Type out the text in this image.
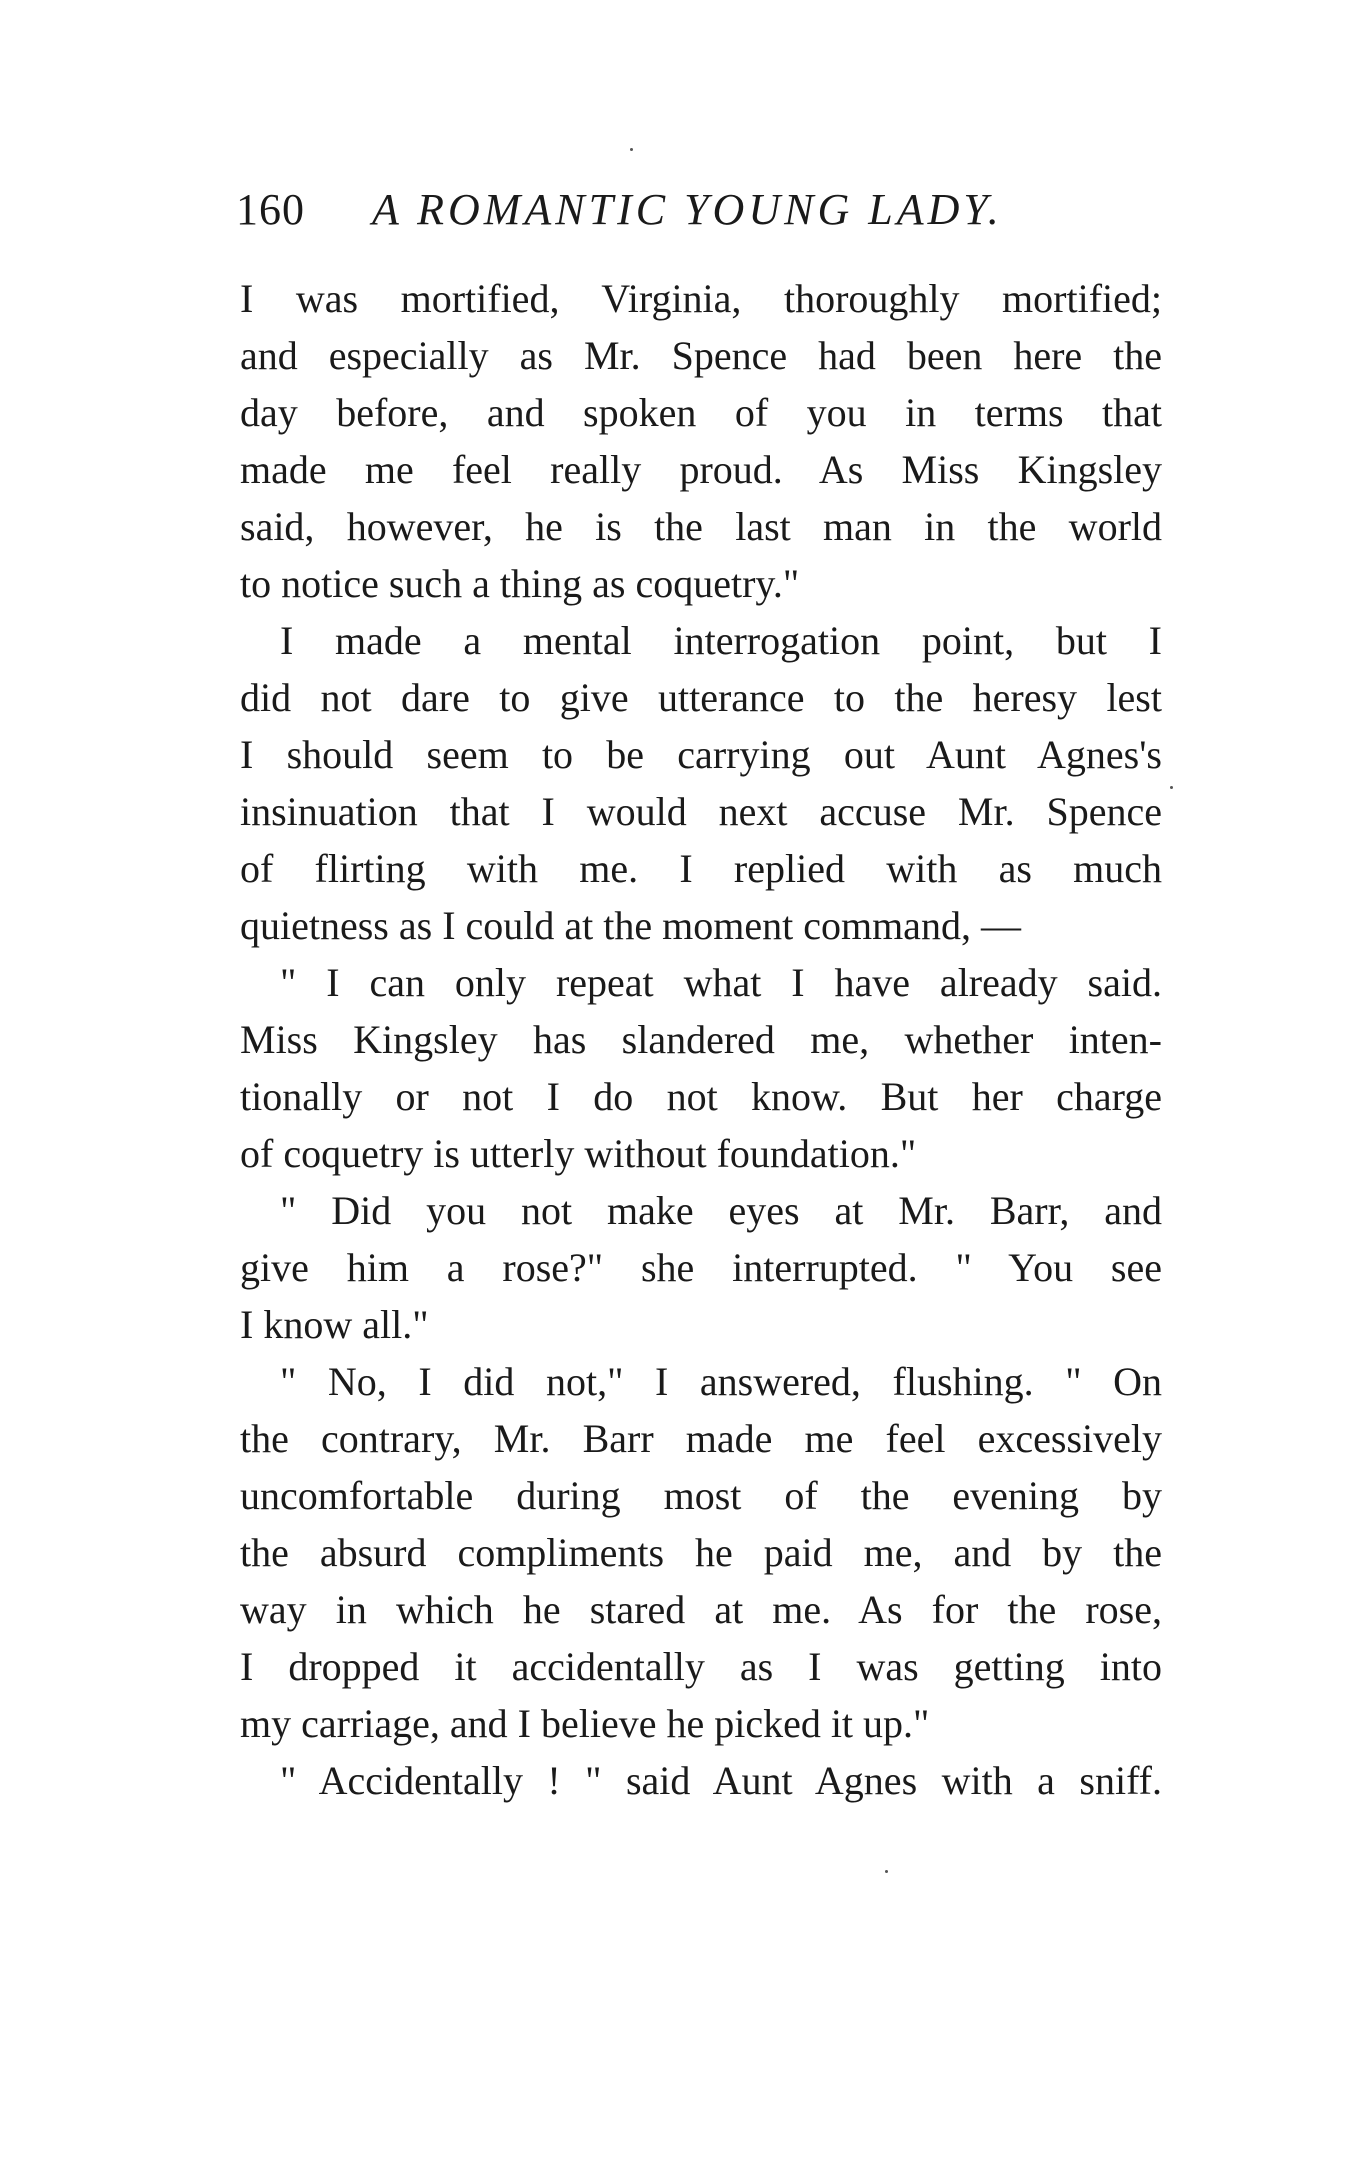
160 A ROMANTIC YOUNG LADY.
I was mortified, Virginia, thoroughly mortified;
and especially as Mr. Spence had been here the
day before, and spoken of you in terms that
made me feel really proud. As Miss Kingsley
said, however, he is the last man in the world
to notice such a thing as coquetry."
I made a mental interrogation point, but I
did not dare to give utterance to the heresy lest
I should seem to be carrying out Aunt Agnes's
insinuation that I would next accuse Mr. Spence
of flirting with me. I replied with as much
quietness as I could at the moment command, —
" I can only repeat what I have already said.
Miss Kingsley has slandered me, whether inten-
tionally or not I do not know. But her charge
of coquetry is utterly without foundation."
" Did you not make eyes at Mr. Barr, and
give him a rose?" she interrupted. " You see
I know all."
" No, I did not," I answered, flushing. " On
the contrary, Mr. Barr made me feel excessively
uncomfortable during most of the evening by
the absurd compliments he paid me, and by the
way in which he stared at me. As for the rose,
I dropped it accidentally as I was getting into
my carriage, and I believe he picked it up."
" Accidentally ! " said Aunt Agnes with a sniff.
